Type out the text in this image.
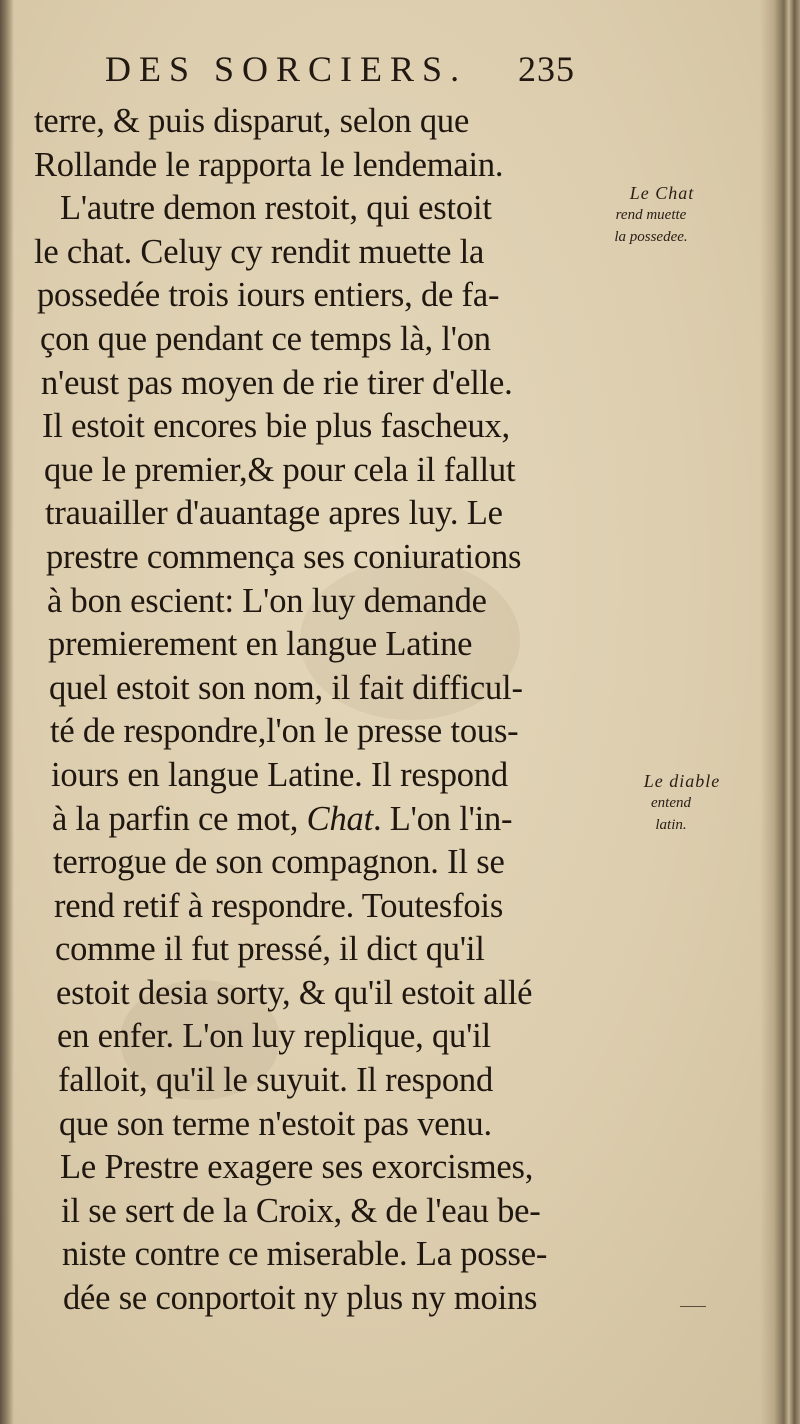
DES SORCIERS. 235
terre, & puis disparut, selon que
Rollande le rapporta le lendemain.
L'autre demon restoit, qui estoit
le chat. Celuy cy rendit muette la
possedée trois iours entiers, de fa-
çon que pendant ce temps là, l'on
n'eust pas moyen de rie tirer d'elle.
Il estoit encores bie plus fascheux,
que le premier,& pour cela il fallut
trauailler d'auantage apres luy. Le
prestre commença ses coniurations
à bon escient: L'on luy demande
premierement en langue Latine
quel estoit son nom, il fait difficul-
té de respondre,l'on le presse tous-
iours en langue Latine. Il respond
à la parfin ce mot, Chat. L'on l'in-
terrogue de son compagnon. Il se
rend retif à respondre. Toutesfois
comme il fut pressé, il dict qu'il
estoit desia sorty, & qu'il estoit allé
en enfer. L'on luy replique, qu'il
falloit, qu'il le suyuit. Il respond
que son terme n'estoit pas venu.
Le Prestre exagere ses exorcismes,
il se sert de la Croix, & de l'eau be-
niste contre ce miserable. La posse-
dée se conportoit ny plus ny moins
Le Chat
rend muette
la possedee.
Le diable
entend
latin.
